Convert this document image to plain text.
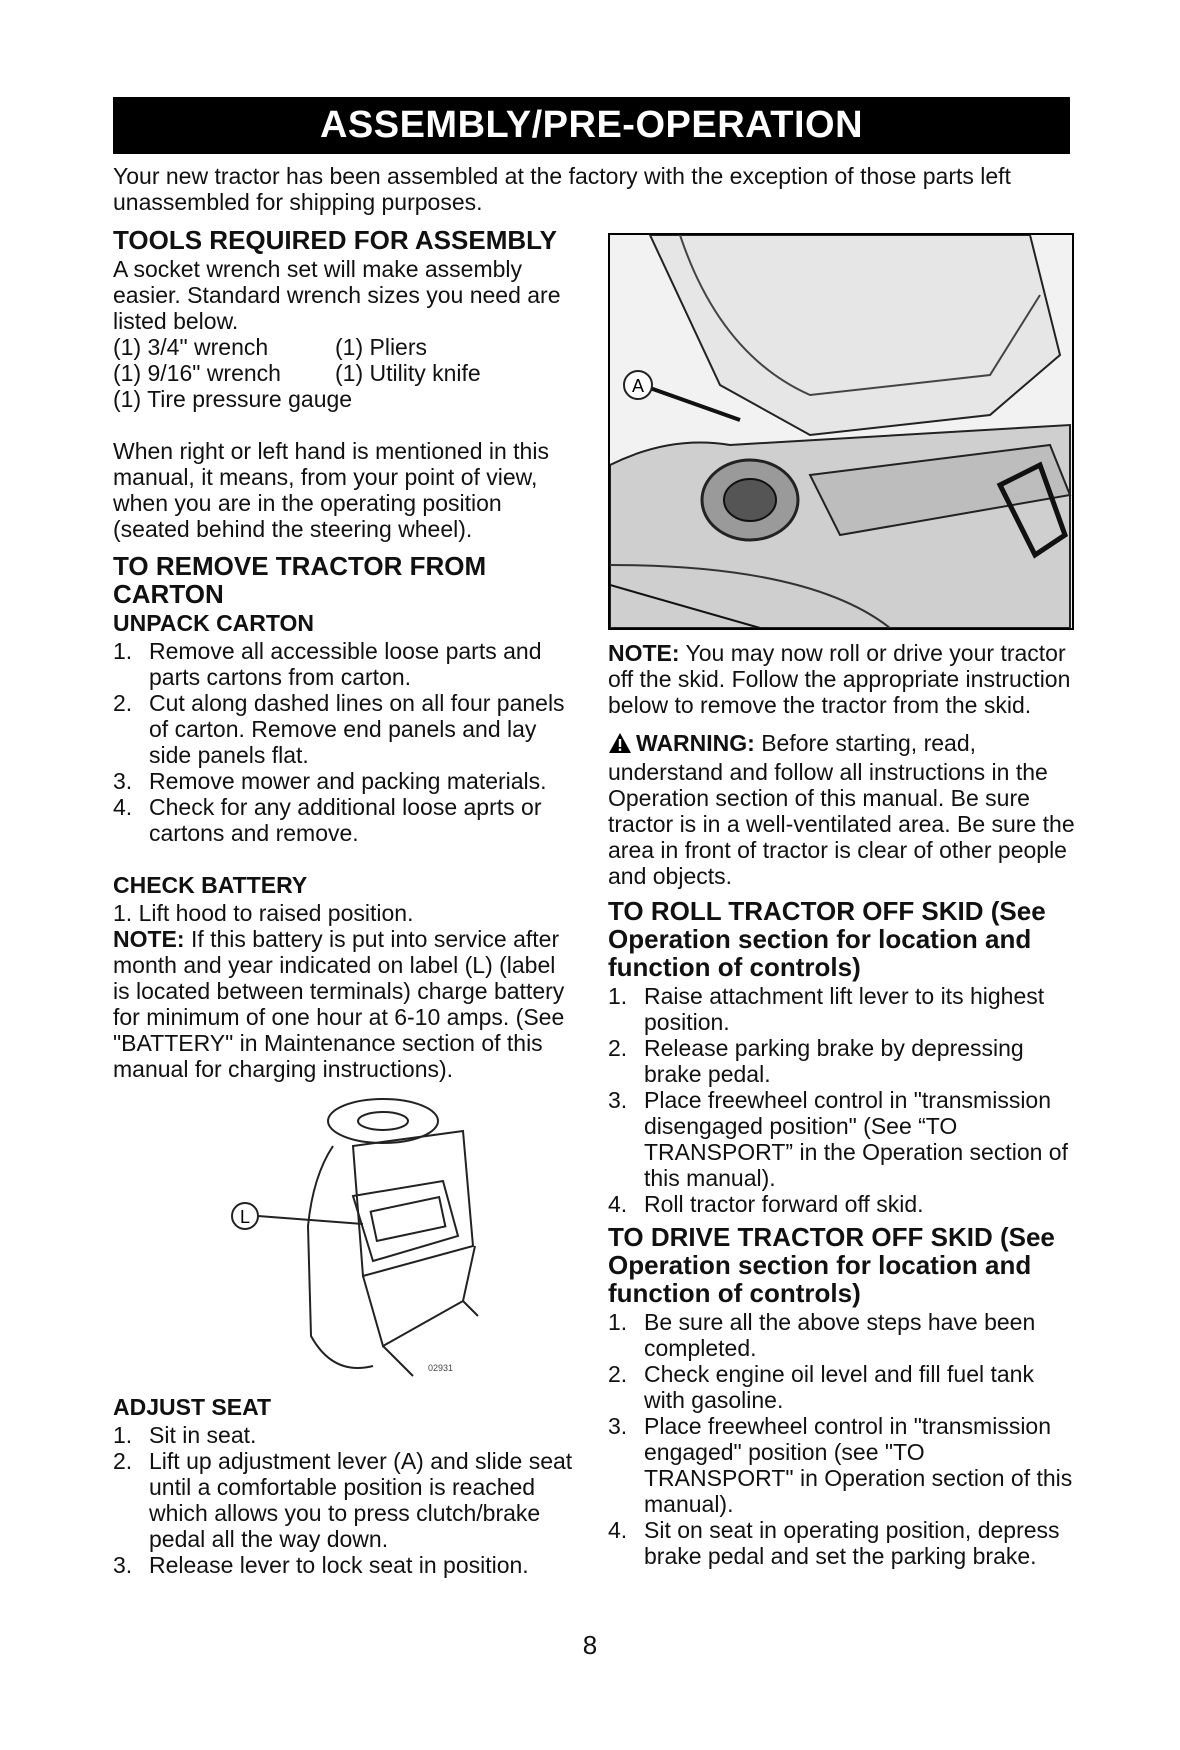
ASSEMBLY/PRE-OPERATION

Your new tractor has been assembled at the factory with the exception of those parts left unassembled for shipping purposes.

TOOLS REQUIRED FOR ASSEMBLY

A socket wrench set will make assembly easier. Standard wrench sizes you need are listed below.

(1) 3/4" wrench	(1) Pliers
(1) 9/16" wrench	(1) Utility knife
(1) Tire pressure gauge

When right or left hand is mentioned in this manual, it means, from your point of view, when you are in the operating position (seated behind the steering wheel).

TO REMOVE TRACTOR FROM CARTON
UNPACK CARTON
1. Remove all accessible loose parts and parts cartons from carton.
2. Cut along dashed lines on all four panels of carton. Remove end panels and lay side panels flat.
3. Remove mower and packing materials.
4. Check for any additional loose aprts or cartons and remove.
CHECK BATTERY

1. Lift hood to raised position.

NOTE: If this battery is put into service after month and year indicated on label (L) (label is located between terminals) charge battery for minimum of one hour at 6-10 amps. (See "BATTERY" in Maintenance section of this manual for charging instructions).

L
02931
ADJUST SEAT
1. Sit in seat.
2. Lift up adjustment lever (A) and slide seat until a comfortable position is reached which allows you to press clutch/brake pedal all the way down.
3. Release lever to lock seat in position.
A

NOTE: You may now roll or drive your tractor off the skid. Follow the appropriate instruction below to remove the tractor from the skid.

WARNING: Before starting, read, understand and follow all instructions in the Operation section of this manual. Be sure tractor is in a well-ventilated area. Be sure the area in front of tractor is clear of other people and objects.

TO ROLL TRACTOR OFF SKID (See Operation section for location and function of controls)
1. Raise attachment lift lever to its highest position.
2. Release parking brake by depressing brake pedal.
3. Place freewheel control in "transmission disengaged position" (See “TO TRANSPORT” in the Operation section of this manual).
4. Roll tractor forward off skid.
TO DRIVE TRACTOR OFF SKID (See Operation section for location and function of controls)
1. Be sure all the above steps have been completed.
2. Check engine oil level and fill fuel tank with gasoline.
3. Place freewheel control in "transmission engaged" position (see "TO TRANSPORT" in Operation section of this manual).
4. Sit on seat in operating position, depress brake pedal and set the parking brake.
8
